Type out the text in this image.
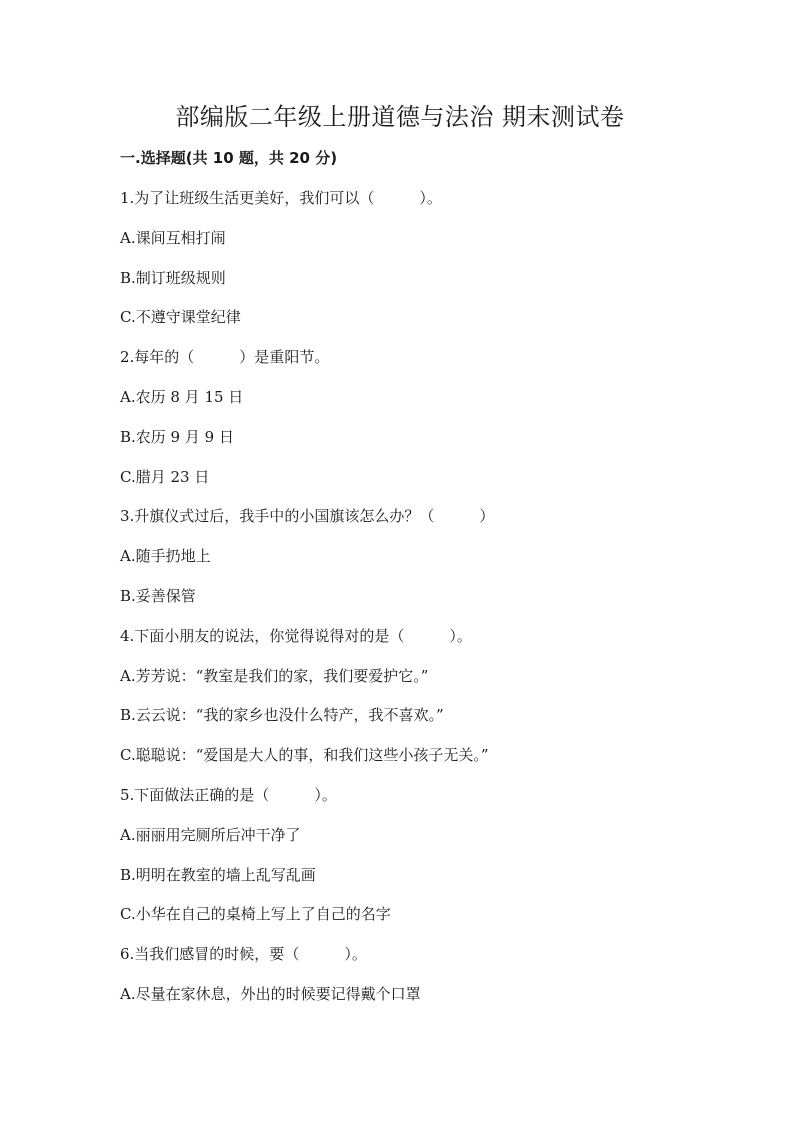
部编版二年级上册道德与法治 期末测试卷
一.选择题(共 10 题，共 20 分)
1.为了让班级生活更美好，我们可以（　　　）。
A.课间互相打闹
B.制订班级规则
C.不遵守课堂纪律
2.每年的（　　　）是重阳节。
A.农历 8 月 15 日
B.农历 9 月 9 日
C.腊月 23 日
3.升旗仪式过后，我手中的小国旗该怎么办？（　　　）
A.随手扔地上
B.妥善保管
4.下面小朋友的说法，你觉得说得对的是（　　　）。
A.芳芳说：“教室是我们的家，我们要爱护它。”
B.云云说：“我的家乡也没什么特产，我不喜欢。”
C.聪聪说：“爱国是大人的事，和我们这些小孩子无关。”
5.下面做法正确的是（　　　）。
A.丽丽用完厕所后冲干净了
B.明明在教室的墙上乱写乱画
C.小华在自己的桌椅上写上了自己的名字
6.当我们感冒的时候，要（　　　）。
A.尽量在家休息，外出的时候要记得戴个口罩
